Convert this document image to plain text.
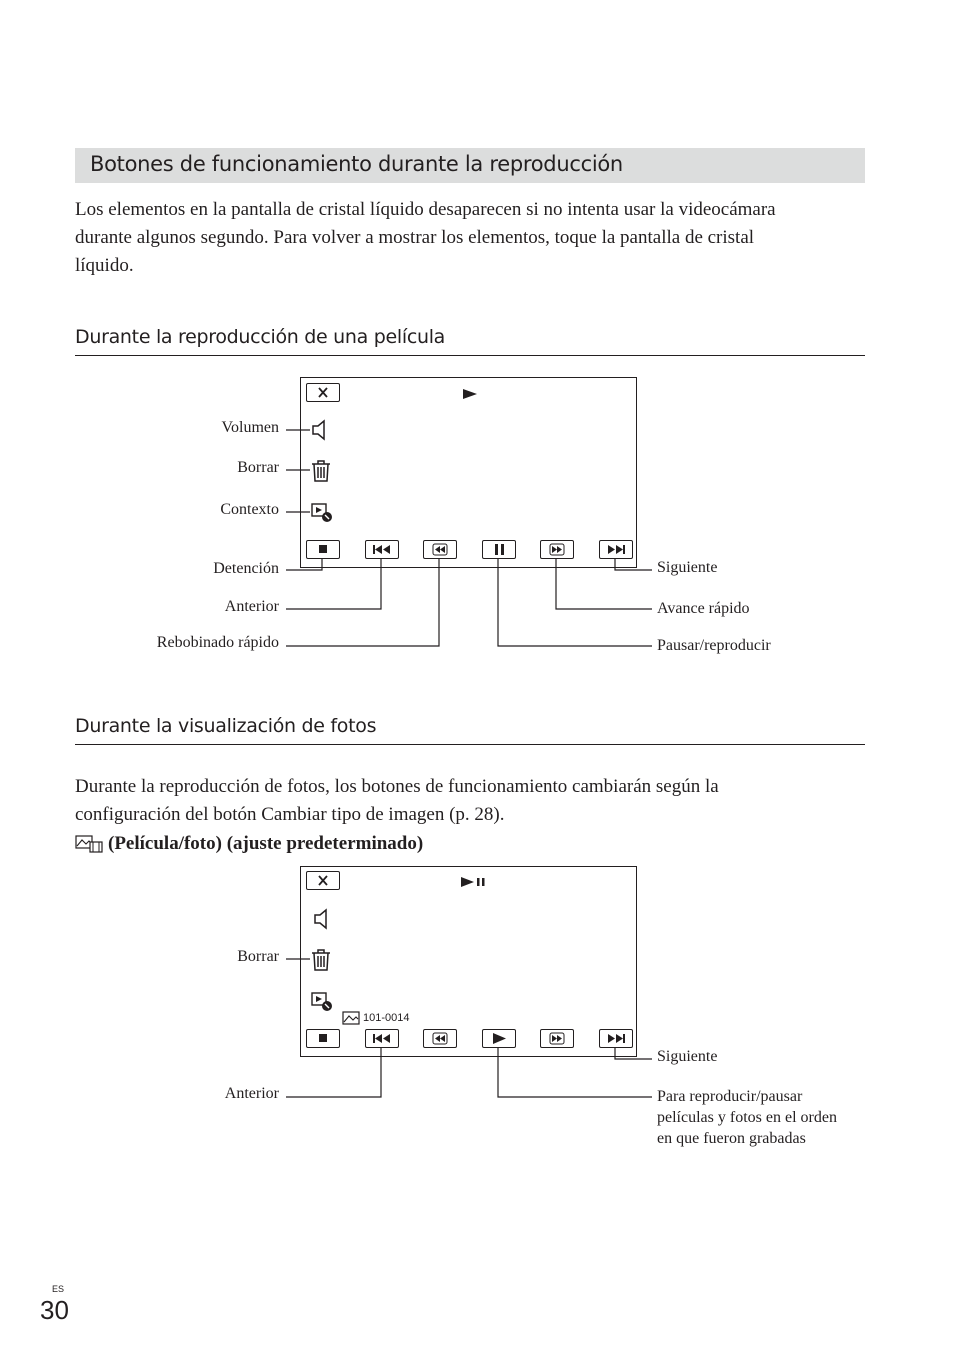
Botones de funcionamiento durante la reproducción
Los elementos en la pantalla de cristal líquido desaparecen si no intenta usar la videocámara
durante algunos segundo. Para volver a mostrar los elementos, toque la pantalla de cristal
líquido.
Durante la reproducción de una película
Volumen
Borrar
Contexto
Detención
Anterior
Rebobinado rápido
Siguiente
Avance rápido
Pausar/reproducir
Durante la visualización de fotos
Durante la reproducción de fotos, los botones de funcionamiento cambiarán según la
configuración del botón Cambiar tipo de imagen (p. 28).
(Película/foto) (ajuste predeterminado)
101-0014
Borrar
Anterior
Siguiente
Para reproducir/pausar
películas y fotos en el orden
en que fueron grabadas
ES
30
